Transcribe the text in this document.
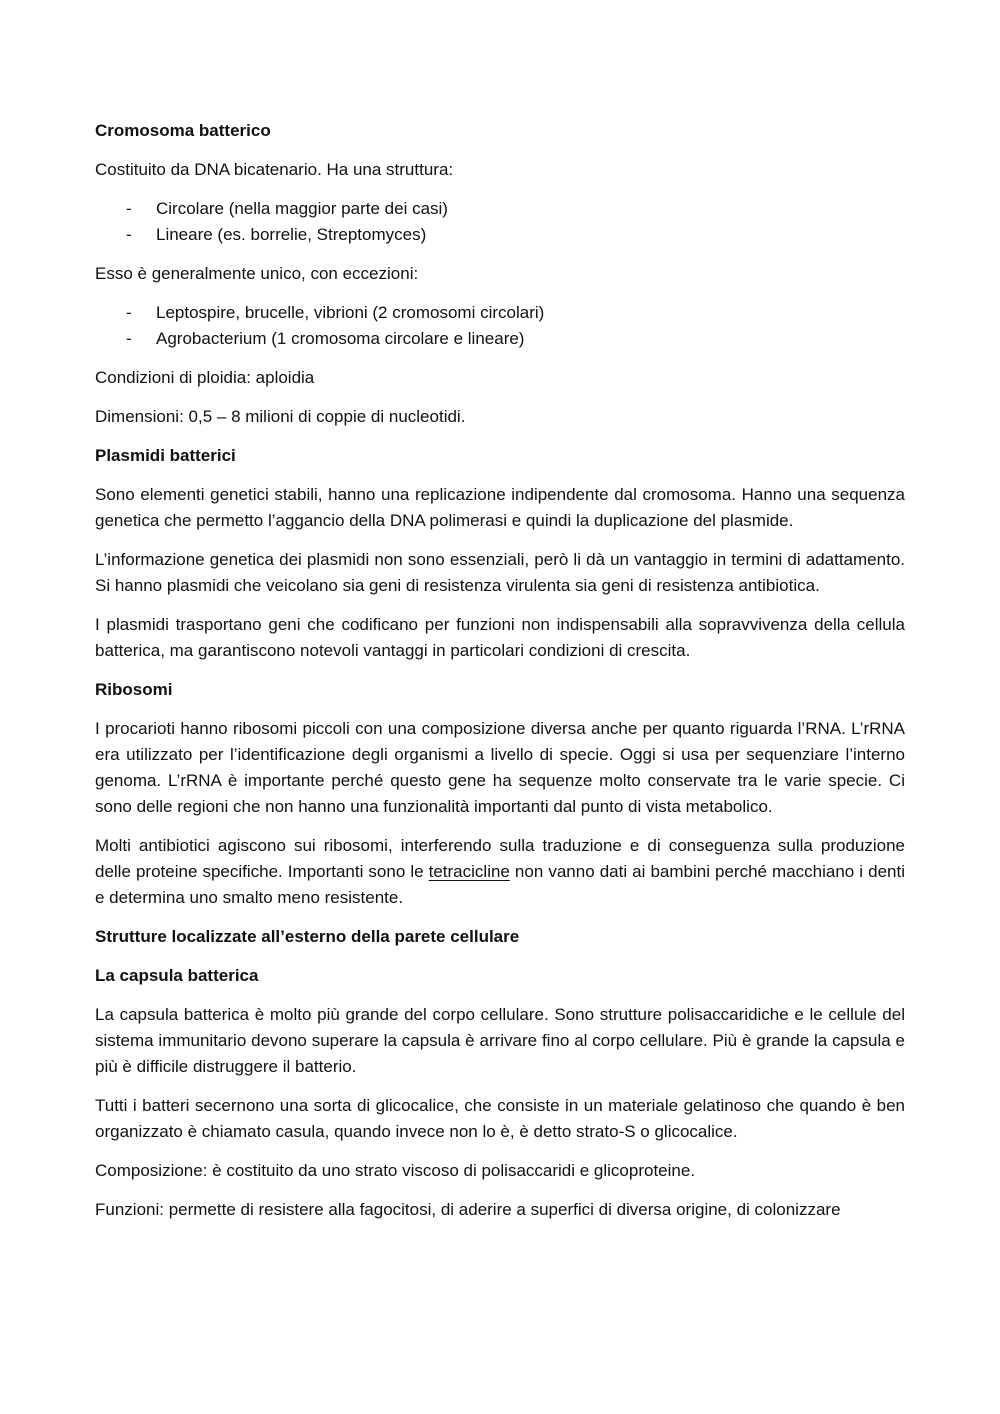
Cromosoma batterico

Costituito da DNA bicatenario. Ha una struttura:

- Circolare (nella maggior parte dei casi)
- Lineare (es. borrelie, Streptomyces)

Esso è generalmente unico, con eccezioni:

- Leptospire, brucelle, vibrioni (2 cromosomi circolari)
- Agrobacterium (1 cromosoma circolare e lineare)

Condizioni di ploidia: aploidia

Dimensioni: 0,5 – 8 milioni di coppie di nucleotidi.

Plasmidi batterici

Sono elementi genetici stabili, hanno una replicazione indipendente dal cromosoma. Hanno una sequenza genetica che permetto l’aggancio della DNA polimerasi e quindi la duplicazione del plasmide.

L’informazione genetica dei plasmidi non sono essenziali, però li dà un vantaggio in termini di adattamento. Si hanno plasmidi che veicolano sia geni di resistenza virulenta sia geni di resistenza antibiotica.

I plasmidi trasportano geni che codificano per funzioni non indispensabili alla sopravvivenza della cellula batterica, ma garantiscono notevoli vantaggi in particolari condizioni di crescita.

Ribosomi

I procarioti hanno ribosomi piccoli con una composizione diversa anche per quanto riguarda l’RNA. L’rRNA era utilizzato per l’identificazione degli organismi a livello di specie. Oggi si usa per sequenziare l’interno genoma. L’rRNA è importante perché questo gene ha sequenze molto conservate tra le varie specie. Ci sono delle regioni che non hanno una funzionalità importanti dal punto di vista metabolico.

Molti antibiotici agiscono sui ribosomi, interferendo sulla traduzione e di conseguenza sulla produzione delle proteine specifiche. Importanti sono le tetracicline non vanno dati ai bambini perché macchiano i denti e determina uno smalto meno resistente.

Strutture localizzate all’esterno della parete cellulare
La capsula batterica

La capsula batterica è molto più grande del corpo cellulare. Sono strutture polisaccaridiche e le cellule del sistema immunitario devono superare la capsula è arrivare fino al corpo cellulare. Più è grande la capsula e più è difficile distruggere il batterio.

Tutti i batteri secernono una sorta di glicocalice, che consiste in un materiale gelatinoso che quando è ben organizzato è chiamato casula, quando invece non lo è, è detto strato-S o glicocalice.

Composizione: è costituito da uno strato viscoso di polisaccaridi e glicoproteine.

Funzioni: permette di resistere alla fagocitosi, di aderire a superfici di diversa origine, di colonizzare
